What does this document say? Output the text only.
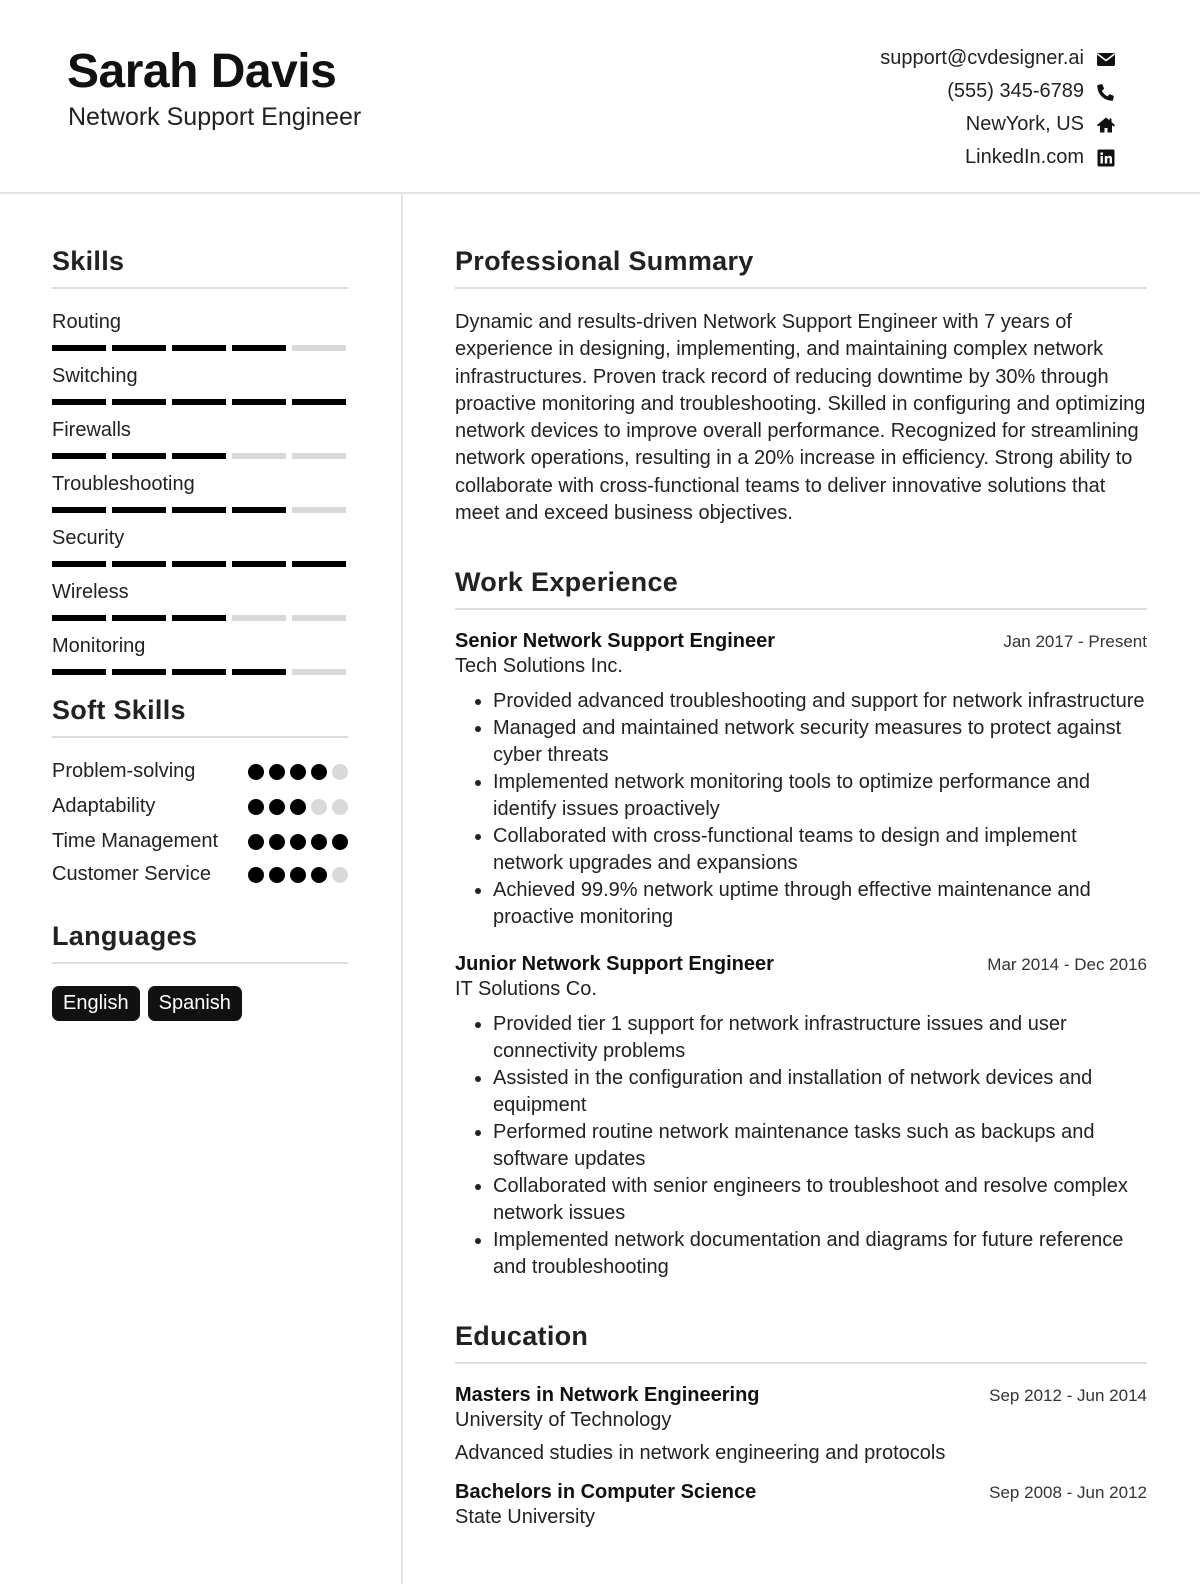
Sarah Davis
Network Support Engineer
support@cvdesigner.ai
(555) 345-6789
NewYork, US
LinkedIn.com
Skills
Routing
Switching
Firewalls
Troubleshooting
Security
Wireless
Monitoring
Soft Skills
Problem-solving
Adaptability
Time Management
Customer Service
Languages
English	Spanish
Professional Summary
Dynamic and results-driven Network Support Engineer with 7 years of experience in designing, implementing, and maintaining complex network infrastructures. Proven track record of reducing downtime by 30% through proactive monitoring and troubleshooting. Skilled in configuring and optimizing network devices to improve overall performance. Recognized for streamlining network operations, resulting in a 20% increase in efficiency. Strong ability to collaborate with cross-functional teams to deliver innovative solutions that meet and exceed business objectives.
Work Experience
Senior Network Support Engineer	Jan 2017 - Present
Tech Solutions Inc.
• Provided advanced troubleshooting and support for network infrastructure
• Managed and maintained network security measures to protect against cyber threats
• Implemented network monitoring tools to optimize performance and identify issues proactively
• Collaborated with cross-functional teams to design and implement network upgrades and expansions
• Achieved 99.9% network uptime through effective maintenance and proactive monitoring
Junior Network Support Engineer	Mar 2014 - Dec 2016
IT Solutions Co.
• Provided tier 1 support for network infrastructure issues and user connectivity problems
• Assisted in the configuration and installation of network devices and equipment
• Performed routine network maintenance tasks such as backups and software updates
• Collaborated with senior engineers to troubleshoot and resolve complex network issues
• Implemented network documentation and diagrams for future reference and troubleshooting
Education
Masters in Network Engineering	Sep 2012 - Jun 2014
University of Technology
Advanced studies in network engineering and protocols
Bachelors in Computer Science	Sep 2008 - Jun 2012
State University
